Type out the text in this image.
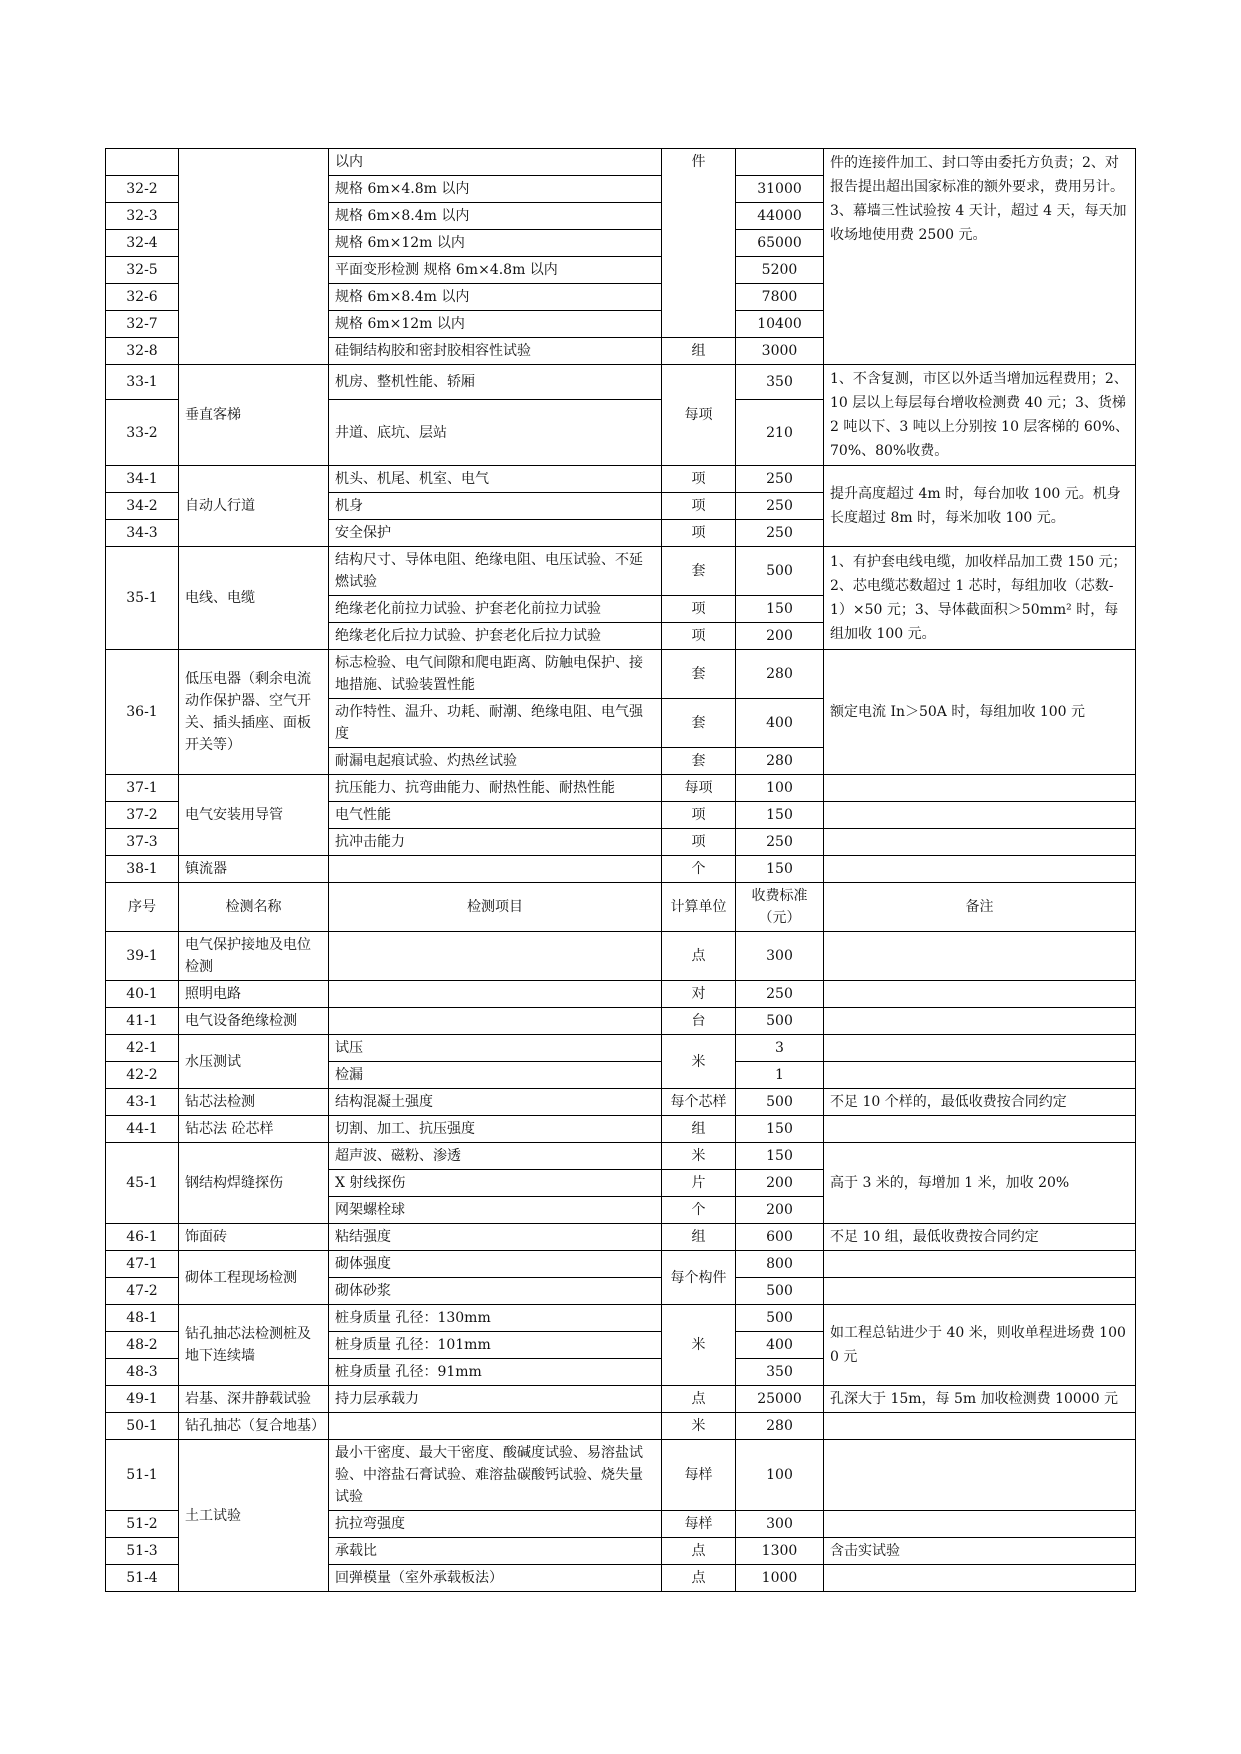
		以内	件		件的连接件加工、封口等由委托方负责；2、对报告提出超出国家标准的额外要求，费用另计。3、幕墙三性试验按 4 天计，超过 4 天，每天加收场地使用费 2500 元。
32-2		规格 6m×4.8m 以内		31000	
32-3		规格 6m×8.4m 以内		44000	
32-4		规格 6m×12m 以内		65000	
32-5		平面变形检测 规格 6m×4.8m 以内		5200	
32-6		规格 6m×8.4m 以内		7800	
32-7		规格 6m×12m 以内		10400	
32-8		硅铜结构胶和密封胶相容性试验	组	3000	
33-1	垂直客梯	机房、整机性能、轿厢	每项	350	1、不含复测，市区以外适当增加远程费用；2、10 层以上每层每台增收检测费 40 元；3、货梯 2 吨以下、3 吨以上分别按 10 层客梯的 60%、70%、80%收费。
33-2		井道、底坑、层站		210	
34-1	自动人行道	机头、机尾、机室、电气	项	250	提升高度超过 4m 时，每台加收 100 元。机身长度超过 8m 时，每米加收 100 元。
34-2		机身	项	250	
34-3		安全保护	项	250	
35-1	电线、电缆	结构尺寸、导体电阻、绝缘电阻、电压试验、不延燃试验	套	500	1、有护套电线电缆，加收样品加工费 150 元；2、芯电缆芯数超过 1 芯时，每组加收（芯数-1）×50 元；3、导体截面积＞50mm² 时，每组加收 100 元。
		绝缘老化前拉力试验、护套老化前拉力试验	项	150	
		绝缘老化后拉力试验、护套老化后拉力试验	项	200	
36-1	低压电器（剩余电流动作保护器、空气开关、插头插座、面板开关等）	标志检验、电气间隙和爬电距离、防触电保护、接地措施、试验装置性能	套	280	额定电流 In＞50A 时，每组加收 100 元
		动作特性、温升、功耗、耐潮、绝缘电阻、电气强度	套	400	
		耐漏电起痕试验、灼热丝试验	套	280	
37-1	电气安装用导管	抗压能力、抗弯曲能力、耐热性能、耐热性能	每项	100	
37-2		电气性能	项	150	
37-3		抗冲击能力	项	250	
38-1	镇流器		个	150	
序号	检测名称	检测项目	计算单位	收费标准（元）	备注
39-1	电气保护接地及电位检测		点	300	
40-1	照明电路		对	250	
41-1	电气设备绝缘检测		台	500	
42-1	水压测试	试压	米	3	
42-2		检漏		1	
43-1	钻芯法检测	结构混凝土强度	每个芯样	500	不足 10 个样的，最低收费按合同约定
44-1	钻芯法 砼芯样	切割、加工、抗压强度	组	150	
45-1	钢结构焊缝探伤	超声波、磁粉、渗透	米	150	高于 3 米的，每增加 1 米，加收 20%
		X 射线探伤	片	200	
		网架螺栓球	个	200	
46-1	饰面砖	粘结强度	组	600	不足 10 组，最低收费按合同约定
47-1	砌体工程现场检测	砌体强度	每个构件	800	
47-2		砌体砂浆		500	
48-1	钻孔抽芯法检测桩及地下连续墙	桩身质量 孔径：130mm	米	500	如工程总钻进少于 40 米，则收单程进场费 1000 元
48-2		桩身质量 孔径：101mm		400	
48-3		桩身质量 孔径：91mm		350	
49-1	岩基、深井静载试验	持力层承载力	点	25000	孔深大于 15m，每 5m 加收检测费 10000 元
50-1	钻孔抽芯（复合地基）		米	280	
51-1	土工试验	最小干密度、最大干密度、酸碱度试验、易溶盐试验、中溶盐石膏试验、难溶盐碳酸钙试验、烧失量试验	每样	100	
51-2		抗拉弯强度	每样	300	
51-3		承载比	点	1300	含击实试验
51-4		回弹模量（室外承载板法）	点	1000	
